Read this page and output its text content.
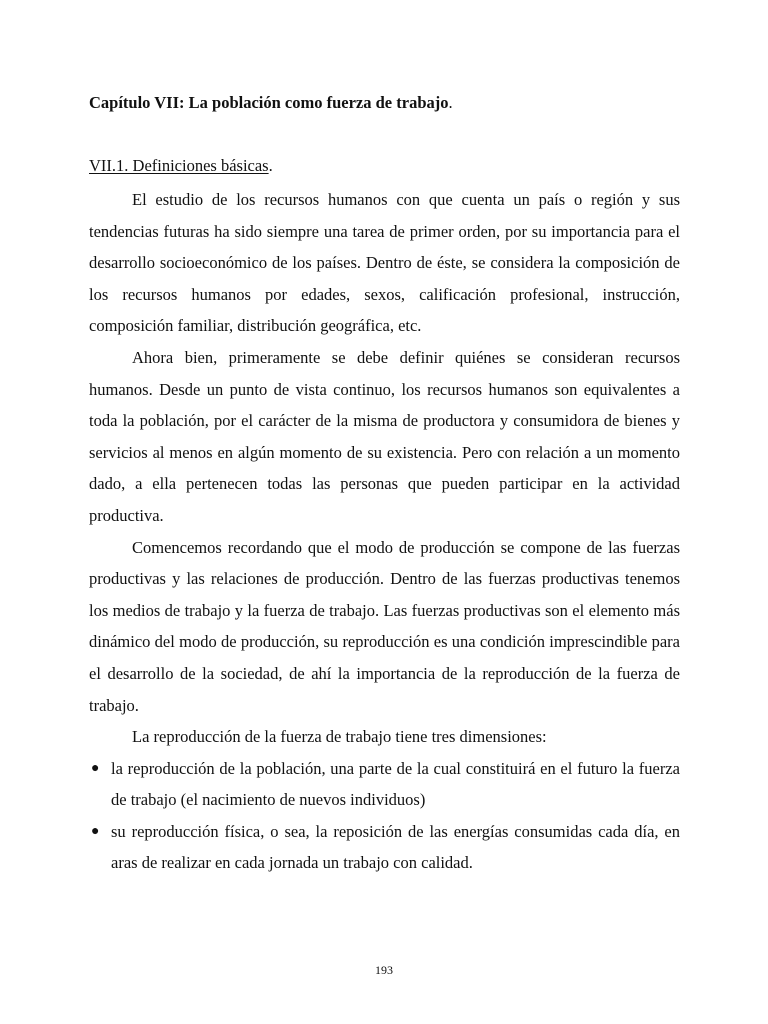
Capítulo VII: La población como fuerza de trabajo.
VII.1. Definiciones básicas.

El estudio de los recursos humanos con que cuenta un país o región y sus tendencias futuras ha sido siempre una tarea de primer orden, por su importancia para el desarrollo socioeconómico de los países. Dentro de éste, se considera la composición de los recursos humanos por edades, sexos, calificación profesional, instrucción, composición familiar, distribución geográfica, etc.

Ahora bien, primeramente se debe definir quiénes se consideran recursos humanos. Desde un punto de vista continuo, los recursos humanos son equivalentes a toda la población, por el carácter de la misma de productora y consumidora de bienes y servicios al menos en algún momento de su existencia. Pero con relación a un momento dado, a ella pertenecen todas las personas que pueden participar en la actividad productiva.

Comencemos recordando que el modo de producción se compone de las fuerzas productivas y las relaciones de producción. Dentro de las fuerzas productivas tenemos los medios de trabajo y la fuerza de trabajo. Las fuerzas productivas son el elemento más dinámico del modo de producción, su reproducción es una condición imprescindible para el desarrollo de la sociedad, de ahí la importancia de la reproducción de la fuerza de trabajo.

La reproducción de la fuerza de trabajo tiene tres dimensiones:

● la reproducción de la población, una parte de la cual constituirá en el futuro la fuerza de trabajo (el nacimiento de nuevos individuos)
● su reproducción física, o sea, la reposición de las energías consumidas cada día, en aras de realizar en cada jornada un trabajo con calidad.
193
